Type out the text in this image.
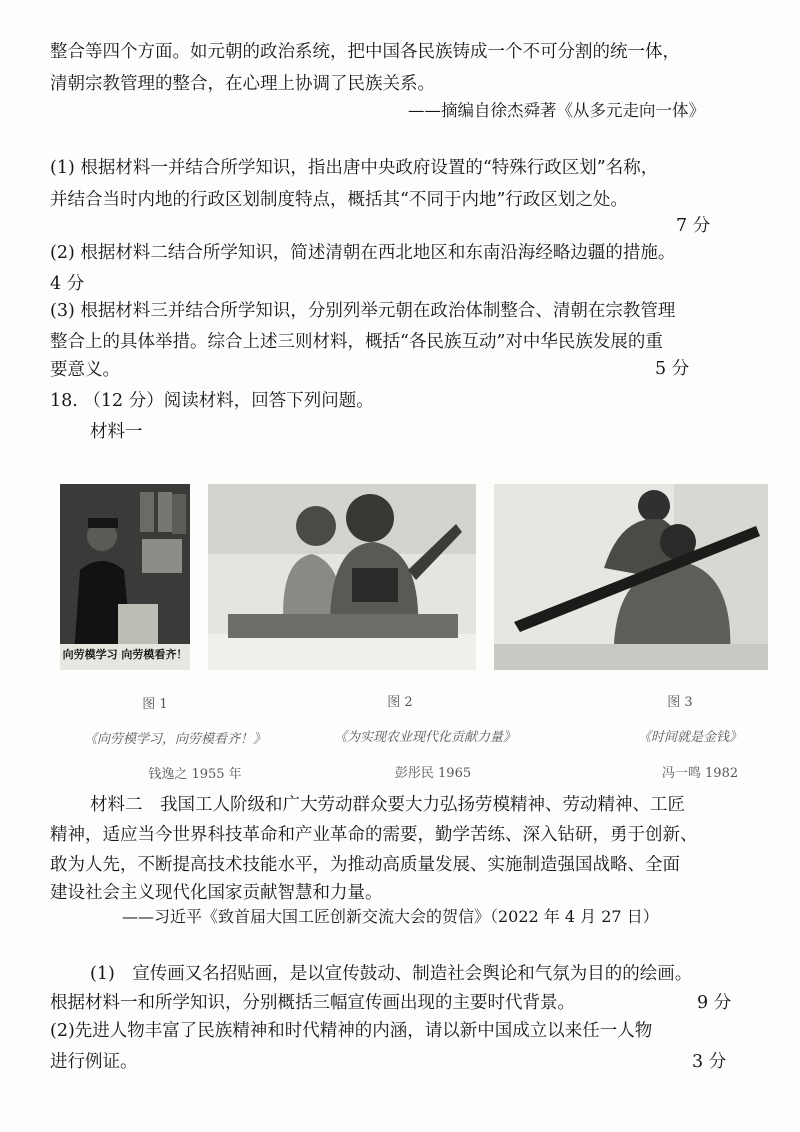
整合等四个方面。如元朝的政治系统，把中国各民族铸成一个不可分割的统一体，
清朝宗教管理的整合，在心理上协调了民族关系。
——摘编自徐杰舜著《从多元走向一体》
(1) 根据材料一并结合所学知识，指出唐中央政府设置的“特殊行政区划”名称，
并结合当时内地的行政区划制度特点，概括其“不同于内地”行政区划之处。
7 分
(2) 根据材料二结合所学知识，简述清朝在西北地区和东南沿海经略边疆的措施。
4 分
(3) 根据材料三并结合所学知识，分别列举元朝在政治体制整合、清朝在宗教管理
整合上的具体举措。综合上述三则材料，概括“各民族互动”对中华民族发展的重
要意义。	5 分
18. （12 分）阅读材料，回答下列问题。
材料一
向劳模学习 向劳模看齐！
图 1	图 2	图 3
《向劳模学习，向劳模看齐！》	《为实现农业现代化贡献力量》	《时间就是金钱》
钱逸之 1955 年	彭彤民 1965	冯一鸣 1982
材料二　我国工人阶级和广大劳动群众要大力弘扬劳模精神、劳动精神、工匠
精神，适应当今世界科技革命和产业革命的需要，勤学苦练、深入钻研，勇于创新、
敢为人先，不断提高技术技能水平，为推动高质量发展、实施制造强国战略、全面
建设社会主义现代化国家贡献智慧和力量。
——习近平《致首届大国工匠创新交流大会的贺信》（2022 年 4 月 27 日）
(1)　宣传画又名招贴画，是以宣传鼓动、制造社会舆论和气氛为目的的绘画。
根据材料一和所学知识，分别概括三幅宣传画出现的主要时代背景。	9 分
(2)先进人物丰富了民族精神和时代精神的内涵，请以新中国成立以来任一人物
进行例证。	3 分
